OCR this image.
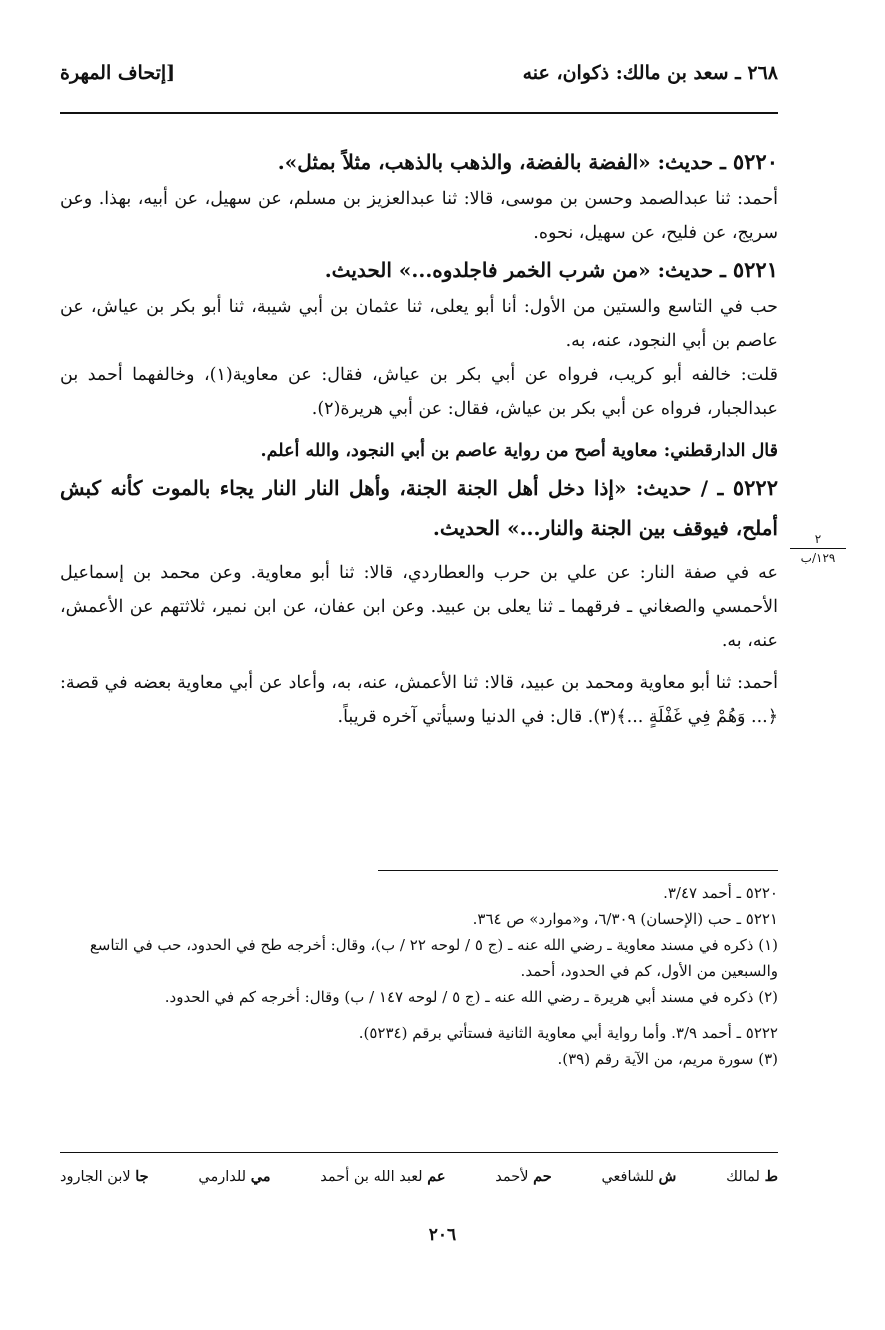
٢٦٨ ـ سعد بن مالك: ذكوان، عنه
[إتحاف المهرة
٢
١٢٩/ب

٥٢٢٠ ـ حديث: «الفضة بالفضة، والذهب بالذهب، مثلاً بمثل».

أحمد: ثنا عبدالصمد وحسن بن موسى، قالا: ثنا عبدالعزيز بن مسلم، عن سهيل، عن أبيه، بهذا. وعن سريج، عن فليح، عن سهيل، نحوه.

٥٢٢١ ـ حديث: «من شرب الخمر فاجلدوه...» الحديث.

حب في التاسع والستين من الأول: أنا أبو يعلى، ثنا عثمان بن أبي شيبة، ثنا أبو بكر بن عياش، عن عاصم بن أبي النجود، عنه، به.

قلت: خالفه أبو كريب، فرواه عن أبي بكر بن عياش، فقال: عن معاوية(١)، وخالفهما أحمد بن عبدالجبار، فرواه عن أبي بكر بن عياش، فقال: عن أبي هريرة(٢).

قال الدارقطني: معاوية أصح من رواية عاصم بن أبي النجود، والله أعلم.

٥٢٢٢ ـ / حديث: «إذا دخل أهل الجنة الجنة، وأهل النار النار يجاء بالموت كأنه كبش أملح، فيوقف بين الجنة والنار...» الحديث.

عه في صفة النار: عن علي بن حرب والعطاردي، قالا: ثنا أبو معاوية. وعن محمد بن إسماعيل الأحمسي والصغاني ـ فرقهما ـ ثنا يعلى بن عبيد. وعن ابن عفان، عن ابن نمير، ثلاثتهم عن الأعمش، عنه، به.

أحمد: ثنا أبو معاوية ومحمد بن عبيد، قالا: ثنا الأعمش، عنه، به، وأعاد عن أبي معاوية بعضه في قصة: ﴿... وَهُمْ فِي غَفْلَةٍ ...﴾(٣). قال: في الدنيا وسيأتي آخره قريباً.

٥٢٢٠ ـ أحمد ٣/٤٧.

٥٢٢١ ـ حب (الإحسان) ٦/٣٠٩، و«موارد» ص ٣٦٤.

(١) ذكره في مسند معاوية ـ رضي الله عنه ـ (ج ٥ / لوحه ٢٢ / ب)، وقال: أخرجه طح في الحدود، حب في التاسع والسبعين من الأول، كم في الحدود، أحمد.

(٢) ذكره في مسند أبي هريرة ـ رضي الله عنه ـ (ج ٥ / لوحه ١٤٧ / ب) وقال: أخرجه كم في الحدود.

٥٢٢٢ ـ أحمد ٣/٩. وأما رواية أبي معاوية الثانية فستأتي برقم (٥٢٣٤).

(٣) سورة مريم، من الآية رقم (٣٩).

ط لمالك
ش للشافعي
حم لأحمد
عم لعبد الله بن أحمد
مي للدارمي
جا لابن الجارود
٢٠٦
